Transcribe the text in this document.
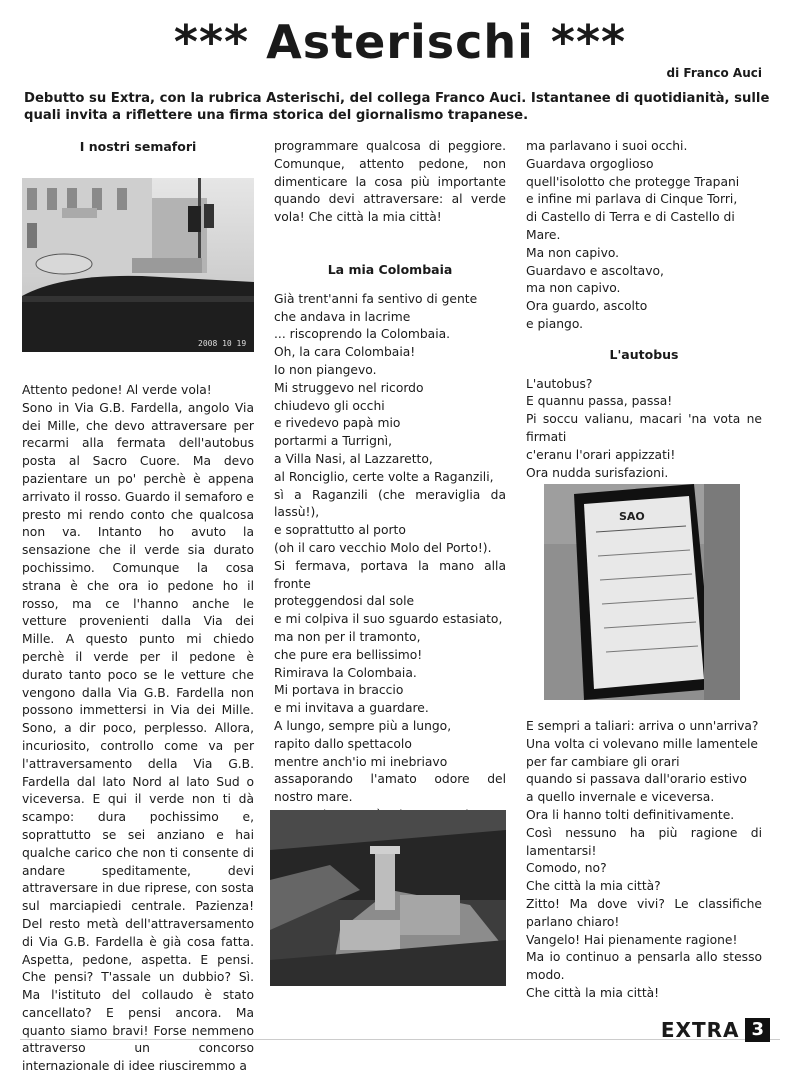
*** Asterischi ***
di Franco Auci
Debutto su Extra, con la rubrica Asterischi, del collega Franco Auci. Istantanee di quotidianità, sulle quali invita a riflettere una firma storica del giornalismo trapanese.
I nostri semafori
2008 10 19

Attento pedone! Al verde vola!

Sono in Via G.B. Fardella, angolo Via dei Mille, che devo attraversare per recarmi alla fermata dell'autobus posta al Sacro Cuore. Ma devo pazientare un po' perchè è appena arrivato il rosso. Guardo il semaforo e presto mi rendo conto che qualcosa non va. Intanto ho avuto la sensazione che il verde sia durato pochissimo. Comunque la cosa strana è che ora io pedone ho il rosso, ma ce l'hanno anche le vetture provenienti dalla Via dei Mille. A questo punto mi chiedo perchè il verde per il pedone è durato tanto poco se le vetture che vengono dalla Via G.B. Fardella non possono immettersi in Via dei Mille. Sono, a dir poco, perplesso. Allora, incuriosito, controllo come va per l'attraversamento della Via G.B. Fardella dal lato Nord al lato Sud o viceversa. E qui il verde non ti dà scampo: dura pochissimo e, soprattutto se sei anziano e hai qualche carico che non ti consente di andare speditamente, devi attraversare in due riprese, con sosta sul marciapiedi centrale. Pazienza! Del resto metà dell'attraversamento di Via G.B. Fardella è già cosa fatta. Aspetta, pedone, aspetta. E pensi. Che pensi? T'assale un dubbio? Sì. Ma l'istituto del collaudo è stato cancellato? E pensi ancora. Ma quanto siamo bravi! Forse nemmeno attraverso un concorso internazionale di idee riusciremmo a

programmare qualcosa di peggiore. Comunque, attento pedone, non dimenticare la cosa più importante quando devi attraversare: al verde vola! Che città la mia città!

La mia Colombaia

Già trent'anni fa sentivo di gente

che andava in lacrime

... riscoprendo la Colombaia.

Oh, la cara Colombaia!

Io non piangevo.

Mi struggevo nel ricordo

chiudevo gli occhi

e rivedevo papà mio

portarmi a Turrignì,

a Villa Nasi, al Lazzaretto,

al Ronciglio, certe volte a Raganzili,

sì a Raganzili (che meraviglia da lassù!),

e soprattutto al porto

(oh il caro vecchio Molo del Porto!).

Si fermava, portava la mano alla fronte

proteggendosi dal sole

e mi colpiva il suo sguardo estasiato,

ma non per il tramonto,

che pure era bellissimo!

Rimirava la Colombaia.

Mi portava in braccio

e mi invitava a guardare.

A lungo, sempre più a lungo,

rapito dallo spettacolo

mentre anch'io mi inebriavo

assaporando l'amato odore del nostro mare.

ma parlavano i suoi occhi.

Guardava orgoglioso

quell'isolotto che protegge Trapani

e infine mi parlava di Cinque Torri,

di Castello di Terra e di Castello di Mare.

Ma non capivo.

Guardavo e ascoltavo,

ma non capivo.

Ora guardo, ascolto

e piango.

L'autobus

L'autobus?

E quannu passa, passa!

Pi soccu valianu, macari 'na vota ne firmati

c'eranu l'orari appizzati!

Ora nudda surisfazioni.

SAO

E sempri a taliari: arriva o unn'arriva?

Una volta ci volevano mille lamentele

per far cambiare gli orari

quando si passava dall'orario estivo

a quello invernale e viceversa.

Ora li hanno tolti definitivamente.

Così nessuno ha più ragione di lamentarsi!

Comodo, no?

Che città la mia città?

Zitto! Ma dove vivi? Le classifiche parlano chiaro!

Vangelo! Hai pienamente ragione!

Ma io continuo a pensarla allo stesso modo.

Che città la mia città!

EXTRA 3
